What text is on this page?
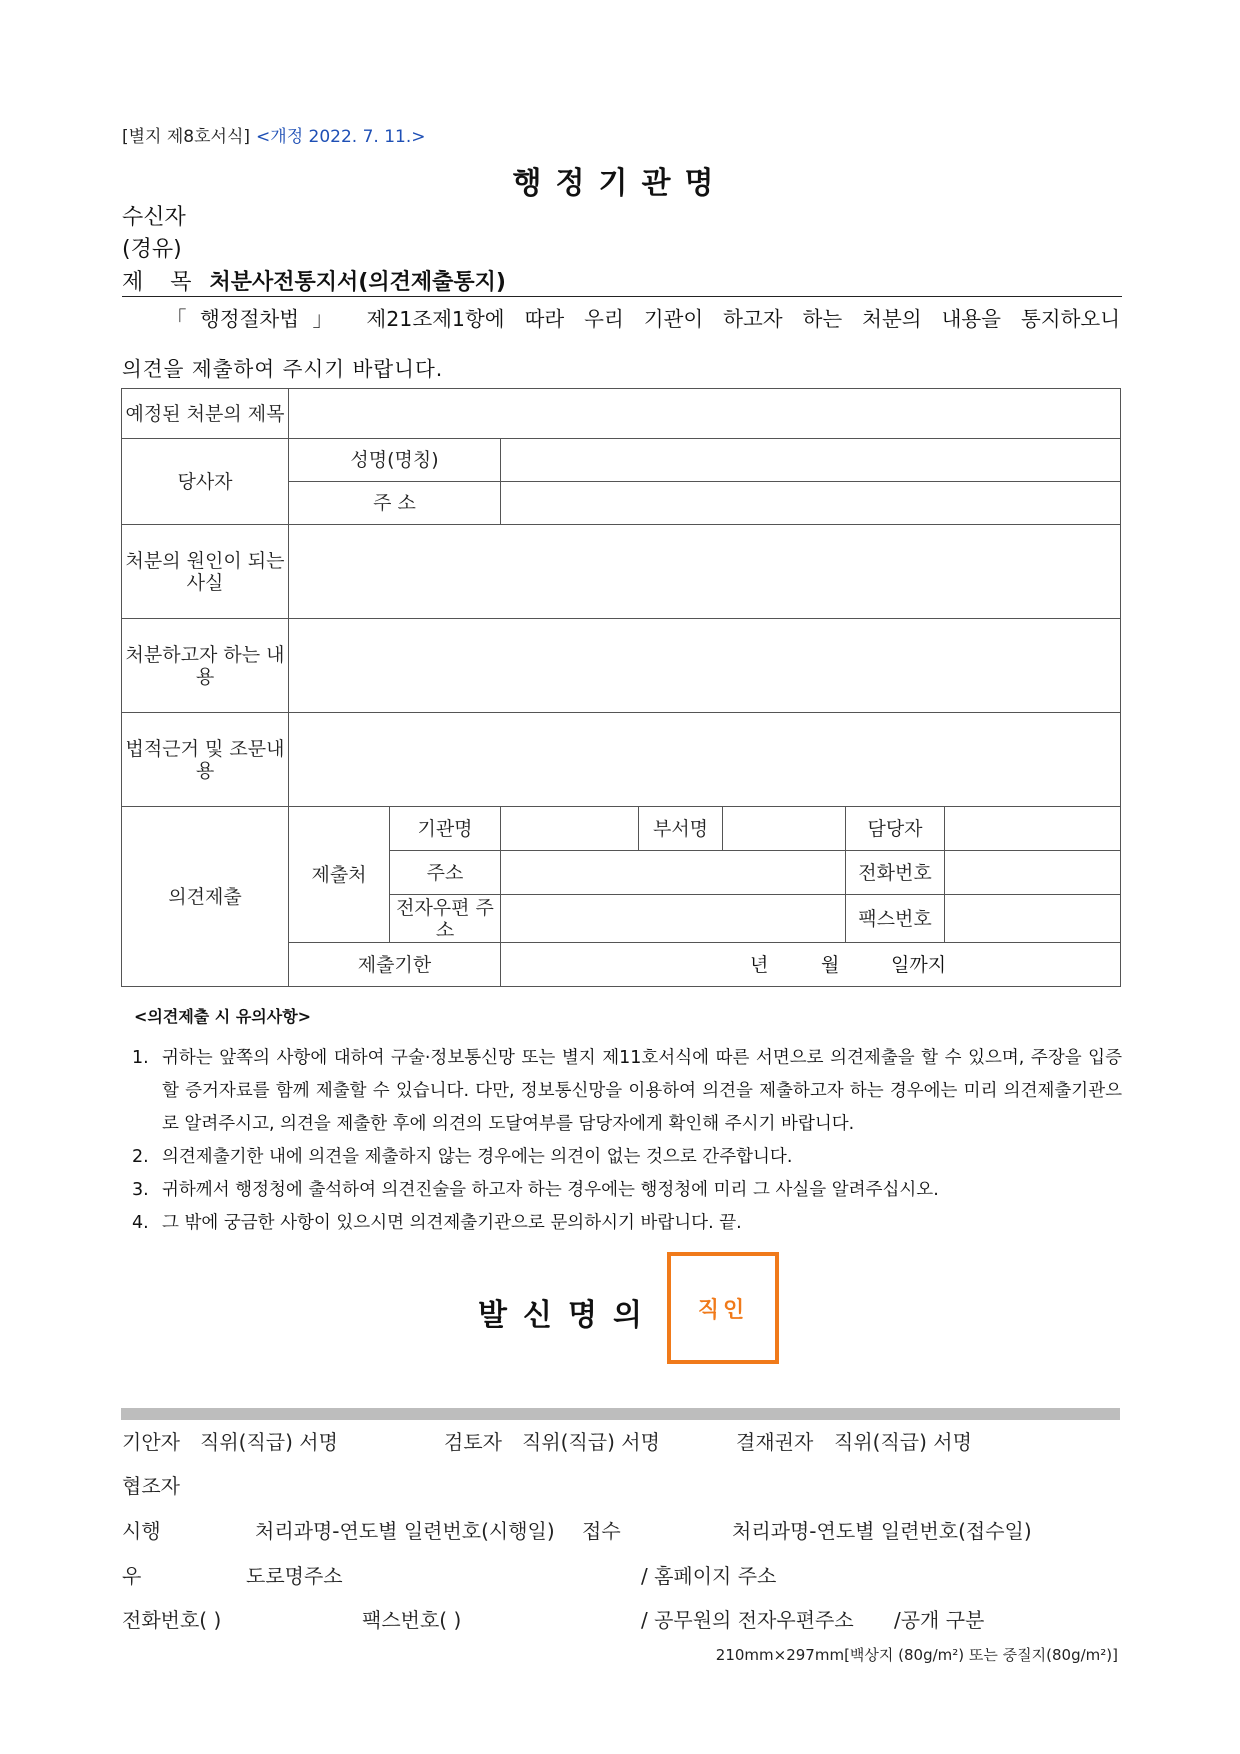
[별지 제8호서식] <개정 2022. 7. 11.>
행정기관명
수신자
(경유)
제 목 처분사전통지서(의견제출통지)
「행정절차법」 제21조제1항에 따라 우리 기관이 하고자 하는 처분의 내용을 통지하오니
의견을 제출하여 주시기 바랍니다.
예정된 처분의 제목							
당사자	성명(명칭)						
	주 소						
처분의 원인이 되는 사실							
처분하고자 하는 내용							
법적근거 및 조문내용							
의견제출	제출처	기관명		부서명		담당자	
		주소				전화번호	
		전자우편 주소				팩스번호	
	제출기한		년 월 일까지				
<의견제출 시 유의사항>
1. 귀하는 앞쪽의 사항에 대하여 구술·정보통신망 또는 별지 제11호서식에 따른 서면으로 의견제출을 할 수 있으며, 주장을 입증할 증거자료를 함께 제출할 수 있습니다. 다만, 정보통신망을 이용하여 의견을 제출하고자 하는 경우에는 미리 의견제출기관으로 알려주시고, 의견을 제출한 후에 의견의 도달여부를 담당자에게 확인해 주시기 바랍니다.
2. 의견제출기한 내에 의견을 제출하지 않는 경우에는 의견이 없는 것으로 간주합니다.
3. 귀하께서 행정청에 출석하여 의견진술을 하고자 하는 경우에는 행정청에 미리 그 사실을 알려주십시오.
4. 그 밖에 궁금한 사항이 있으시면 의견제출기관으로 문의하시기 바랍니다. 끝.
발신명의 직인
기안자 직위(직급) 서명	검토자 직위(직급) 서명	결재권자 직위(직급) 서명
협조자
시행	처리과명-연도별 일련번호(시행일) 접수	처리과명-연도별 일련번호(접수일)
우	도로명주소	/ 홈페이지 주소
전화번호( )	팩스번호( )	/ 공무원의 전자우편주소 /공개 구분
210mm×297mm[백상지 (80g/m²) 또는 중질지(80g/m²)]
